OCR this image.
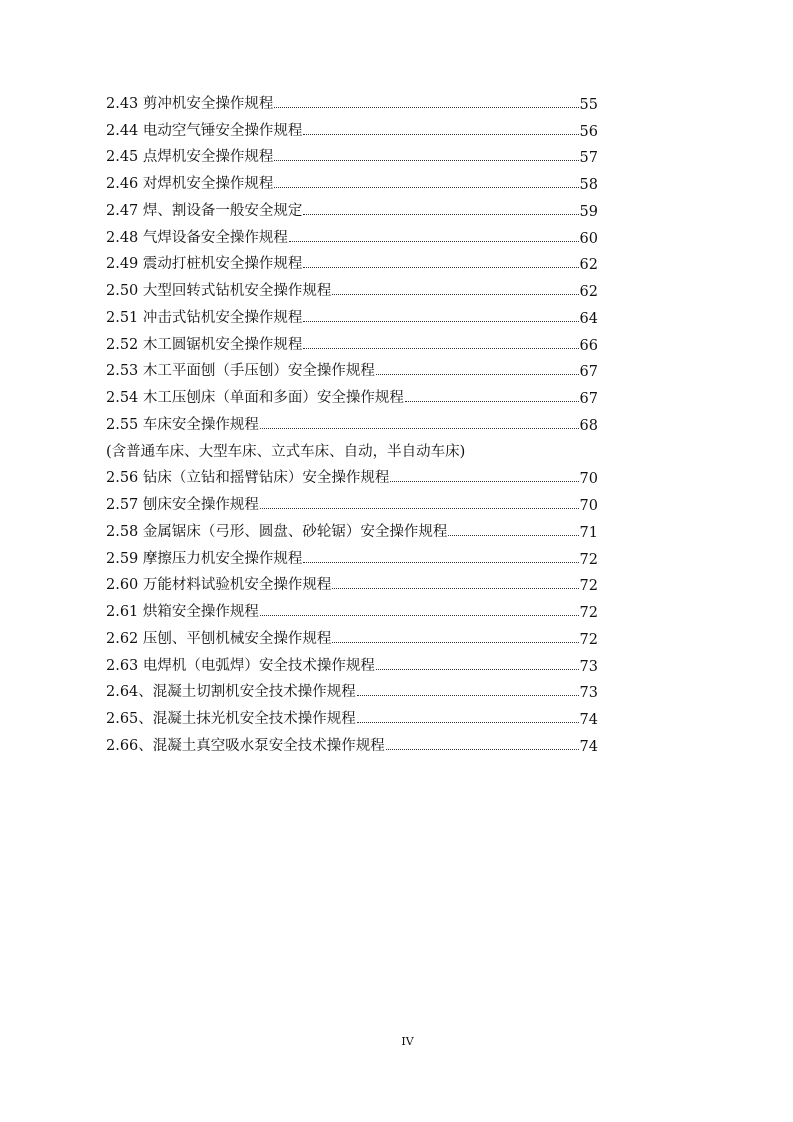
2.43 剪冲机安全操作规程	55
2.44 电动空气锤安全操作规程	56
2.45 点焊机安全操作规程	57
2.46 对焊机安全操作规程	58
2.47 焊、割设备一般安全规定	59
2.48 气焊设备安全操作规程	60
2.49 震动打桩机安全操作规程	62
2.50 大型回转式钻机安全操作规程	62
2.51 冲击式钻机安全操作规程	64
2.52 木工圆锯机安全操作规程	66
2.53 木工平面刨（手压刨）安全操作规程	67
2.54 木工压刨床（单面和多面）安全操作规程	67
2.55 车床安全操作规程	68
(含普通车床、大型车床、立式车床、自动，半自动车床)
2.56 钻床（立钻和摇臂钻床）安全操作规程	70
2.57 刨床安全操作规程	70
2.58 金属锯床（弓形、圆盘、砂轮锯）安全操作规程	71
2.59 摩擦压力机安全操作规程	72
2.60 万能材料试验机安全操作规程	72
2.61 烘箱安全操作规程	72
2.62 压刨、平刨机械安全操作规程	72
2.63 电焊机（电弧焊）安全技术操作规程	73
2.64、混凝土切割机安全技术操作规程	73
2.65、混凝土抹光机安全技术操作规程	74
2.66、混凝土真空吸水泵安全技术操作规程	74
IV
